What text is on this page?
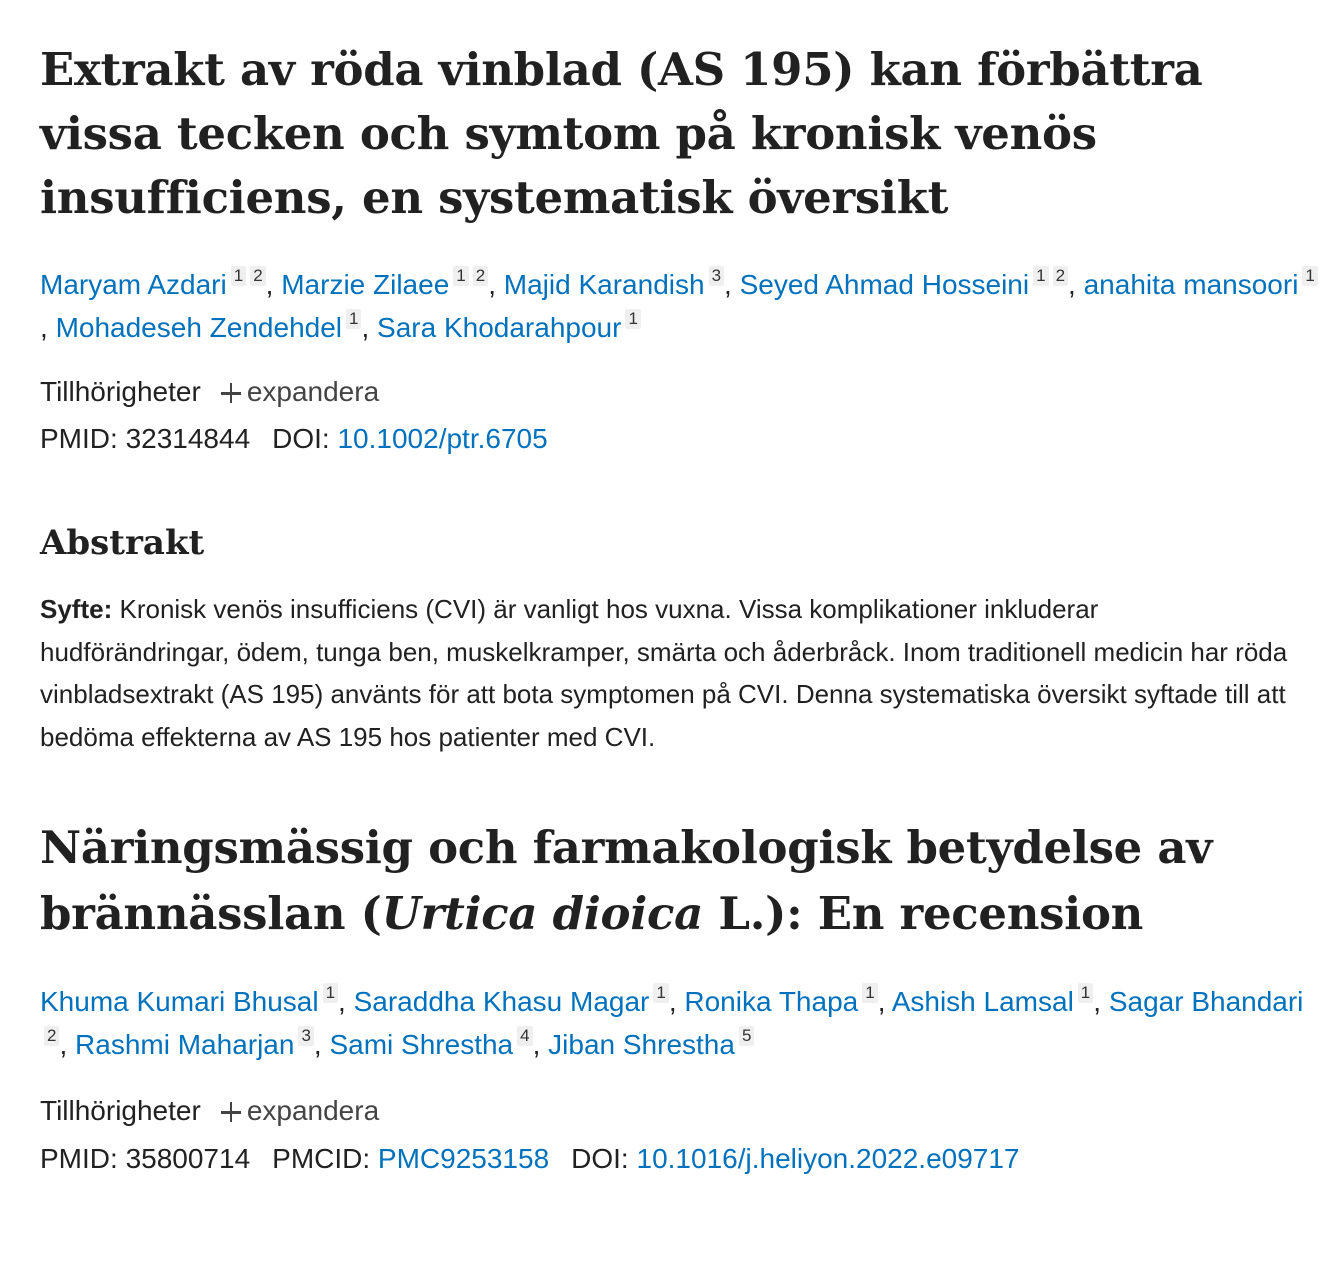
Extrakt av röda vinblad (AS 195) kan förbättra vissa tecken och symtom på kronisk venös insufficiens, en systematisk översikt
Maryam Azdari 1 2 , Marzie Zilaee 1 2 , Majid Karandish 3 , Seyed Ahmad Hosseini 1 2 , anahita mansoori 1, Mohadeseh Zendehdel 1 , Sara Khodarahpour 1
Tillhörigheter expandera
PMID: 32314844 DOI: 10.1002/ptr.6705
Abstrakt

Syfte: Kronisk venös insufficiens (CVI) är vanligt hos vuxna. Vissa komplikationer inkluderar hudförändringar, ödem, tunga ben, muskelkramper, smärta och åderbråck. Inom traditionell medicin har röda vinbladsextrakt (AS 195) använts för att bota symptomen på CVI. Denna systematiska översikt syftade till att bedöma effekterna av AS 195 hos patienter med CVI.

Näringsmässig och farmakologisk betydelse av brännässlan (Urtica dioica L.): En recension
Khuma Kumari Bhusal 1 , Saraddha Khasu Magar 1 , Ronika Thapa 1 , Ashish Lamsal 1 , Sagar Bhandari2 , Rashmi Maharjan 3 , Sami Shrestha 4 , Jiban Shrestha 5
Tillhörigheter expandera
PMID: 35800714 PMCID: PMC9253158 DOI: 10.1016/j.heliyon.2022.e09717
